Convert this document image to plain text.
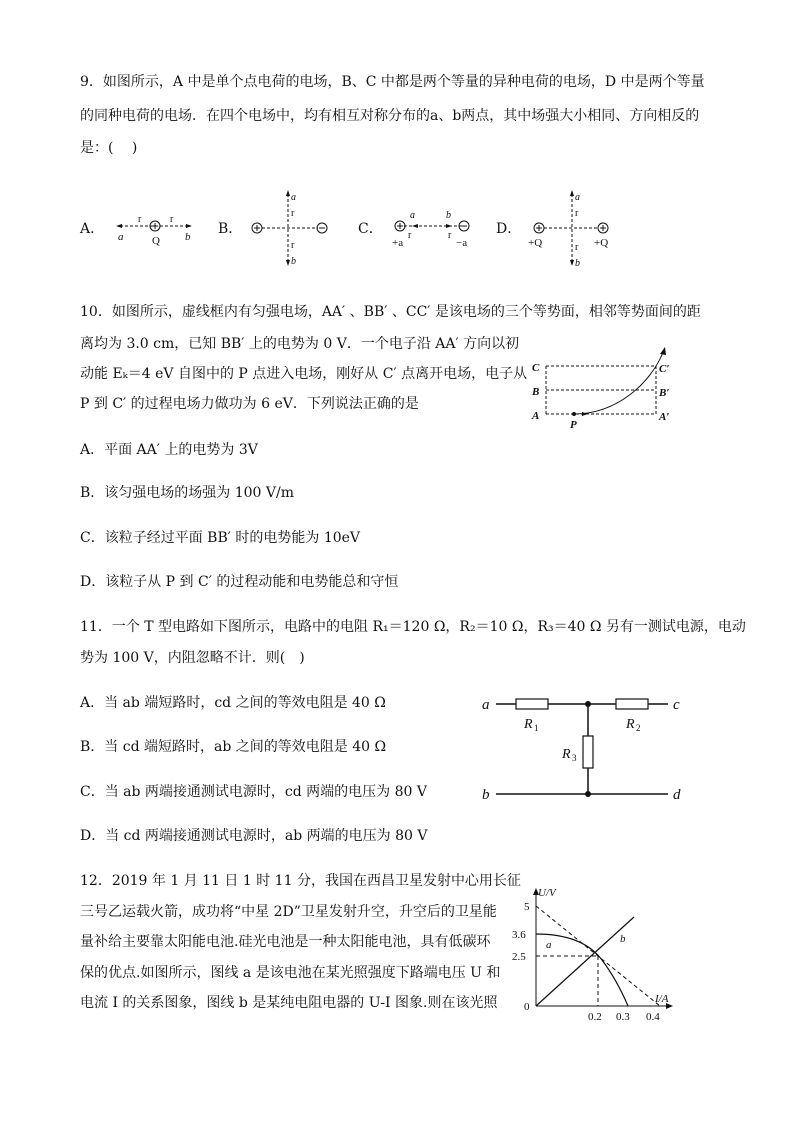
9．如图所示，A 中是单个点电荷的电场，B、C 中都是两个等量的异种电荷的电场，D 中是两个等量
的同种电荷的电场．在四个电场中，均有相互对称分布的a、b两点，其中场强大小相同、方向相反的
是：(　 )
A． a
r
Q
r
b B．
a
r
r
b
C．
a	b
r	r
+a	−a
D．
a
r
r
b
+Q	+Q
10．如图所示，虚线框内有匀强电场，AA′ 、BB′ 、CC′ 是该电场的三个等势面，相邻等势面间的距
离均为 3.0 cm，已知 BB′ 上的电势为 0 V．一个电子沿 AA′ 方向以初
动能 Eₖ＝4 eV 自图中的 P 点进入电场，刚好从 C′ 点离开电场，电子从
P 到 C′ 的过程电场力做功为 6 eV．下列说法正确的是
C
B
A
C′
B′
A′
P
A．平面 AA′ 上的电势为 3V
B．该匀强电场的场强为 100 V/m
C．该粒子经过平面 BB′ 时的电势能为 10eV
D．该粒子从 P 到 C′ 的过程动能和电势能总和守恒
11．一个 T 型电路如下图所示，电路中的电阻 R₁＝120 Ω，R₂＝10 Ω，R₃＝40 Ω 另有一测试电源，电动
势为 100 V，内阻忽略不计．则(　)
A．当 ab 端短路时，cd 之间的等效电阻是 40 Ω
B．当 cd 端短路时，ab 之间的等效电阻是 40 Ω
C．当 ab 两端接通测试电源时，cd 两端的电压为 80 V
D．当 cd 两端接通测试电源时，ab 两端的电压为 80 V
a
b
c
d
R 1	R 2
R 3
12．2019 年 1 月 11 日 1 时 11 分，我国在西昌卫星发射中心用长征
三号乙运载火箭，成功将“中星 2D”卫星发射升空，升空后的卫星能
量补给主要靠太阳能电池.硅光电池是一种太阳能电池，具有低碳环
保的优点.如图所示，图线 a 是该电池在某光照强度下路端电压 U 和
电流 I 的关系图象，图线 b 是某纯电阻电器的 U-I 图象.则在该光照
U/V
I/A
5
3.6
2.5
0
0.2 0.3 0.4
a	b
